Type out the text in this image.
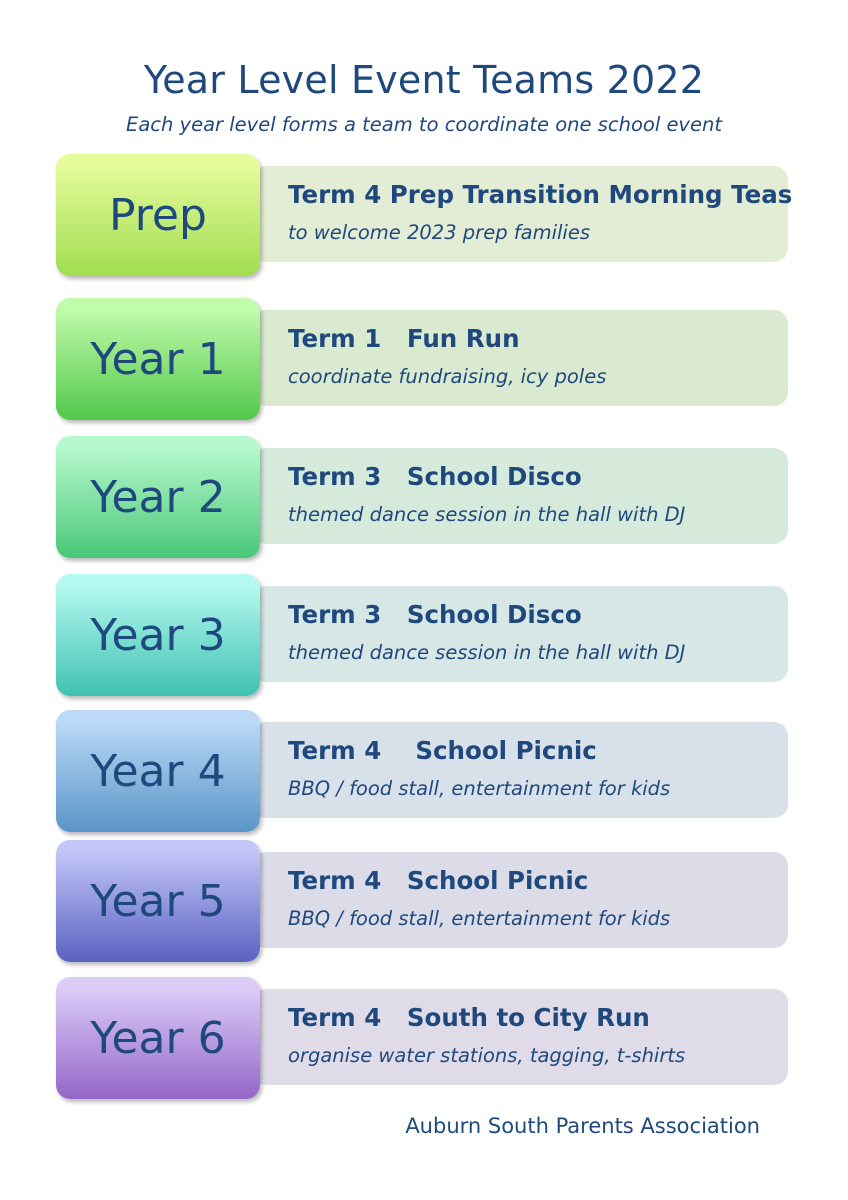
Year Level Event Teams 2022
Each year level forms a team to coordinate one school event
Term 4 Prep Transition Morning Teas
to welcome 2023 prep families
Prep
Term 1   Fun Run
coordinate fundraising, icy poles
Year 1
Term 3   School Disco
themed dance session in the hall with DJ
Year 2
Term 3   School Disco
themed dance session in the hall with DJ
Year 3
Term 4    School Picnic
BBQ / food stall, entertainment for kids
Year 4
Term 4   School Picnic
BBQ / food stall, entertainment for kids
Year 5
Term 4   South to City Run
organise water stations, tagging, t-shirts
Year 6
Auburn South Parents Association
